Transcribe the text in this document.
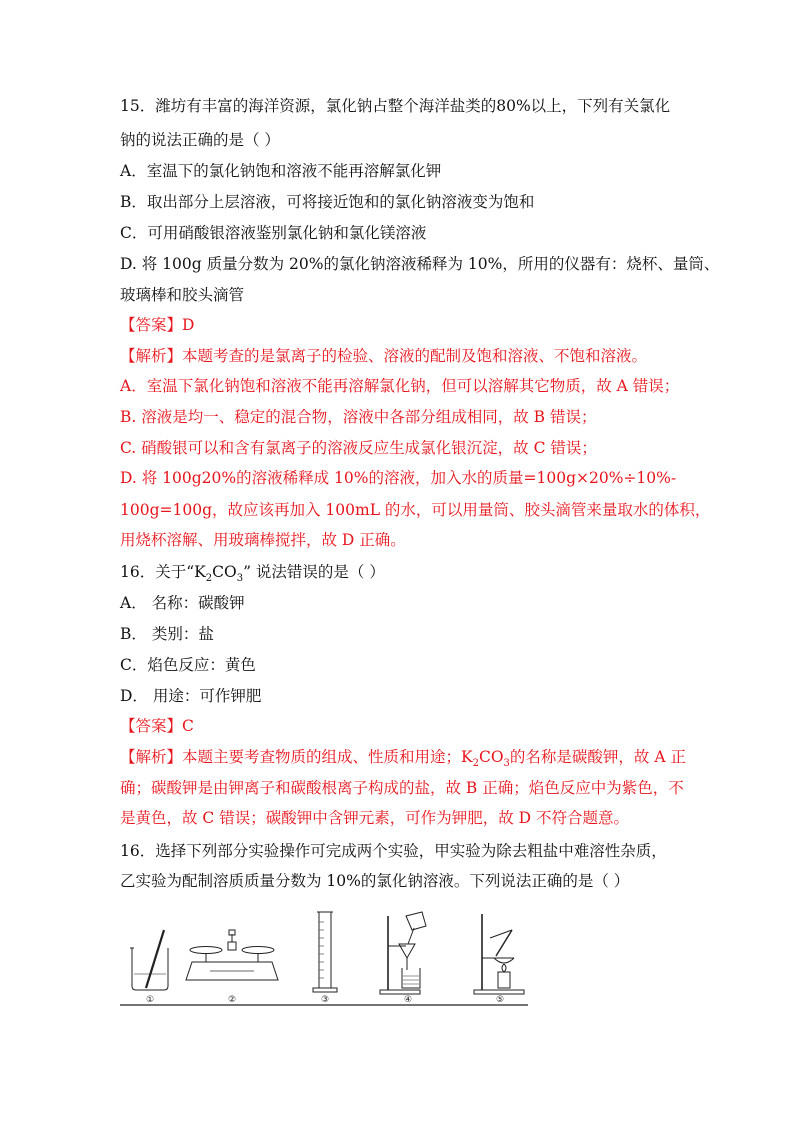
15．潍坊有丰富的海洋资源，氯化钠占整个海洋盐类的80%以上，下列有关氯化
钠的说法正确的是（ ）
A．室温下的氯化钠饱和溶液不能再溶解氯化钾
B．取出部分上层溶液，可将接近饱和的氯化钠溶液变为饱和
C．可用硝酸银溶液鉴别氯化钠和氯化镁溶液
D. 将 100g 质量分数为 20%的氯化钠溶液稀释为 10%，所用的仪器有：烧杯、量筒、
玻璃棒和胶头滴管
【答案】D
【解析】本题考查的是氯离子的检验、溶液的配制及饱和溶液、不饱和溶液。
A．室温下氯化钠饱和溶液不能再溶解氯化钠，但可以溶解其它物质，故 A 错误；
B. 溶液是均一、稳定的混合物，溶液中各部分组成相同，故 B 错误；
C. 硝酸银可以和含有氯离子的溶液反应生成氯化银沉淀，故 C 错误；
D. 将 100g20%的溶液稀释成 10%的溶液，加入水的质量=100g×20%÷10%-
100g=100g，故应该再加入 100mL 的水，可以用量筒、胶头滴管来量取水的体积，
用烧杯溶解、用玻璃棒搅拌，故 D 正确。
16．关于“$K_2CO_3$” 说法错误的是（ ）
A． 名称：碳酸钾
B． 类别：盐
C．焰色反应：黄色
D． 用途：可作钾肥
【答案】C
【解析】本题主要考查物质的组成、性质和用途；$K_2CO_3$的名称是碳酸钾，故 A 正
确；碳酸钾是由钾离子和碳酸根离子构成的盐，故 B 正确；焰色反应中为紫色，不
是黄色，故 C 错误；碳酸钾中含钾元素，可作为钾肥，故 D 不符合题意。
16．选择下列部分实验操作可完成两个实验，甲实验为除去粗盐中难溶性杂质，
乙实验为配制溶质质量分数为 10%的氯化钠溶液。下列说法正确的是（ ）
①	②	③	④	⑤
